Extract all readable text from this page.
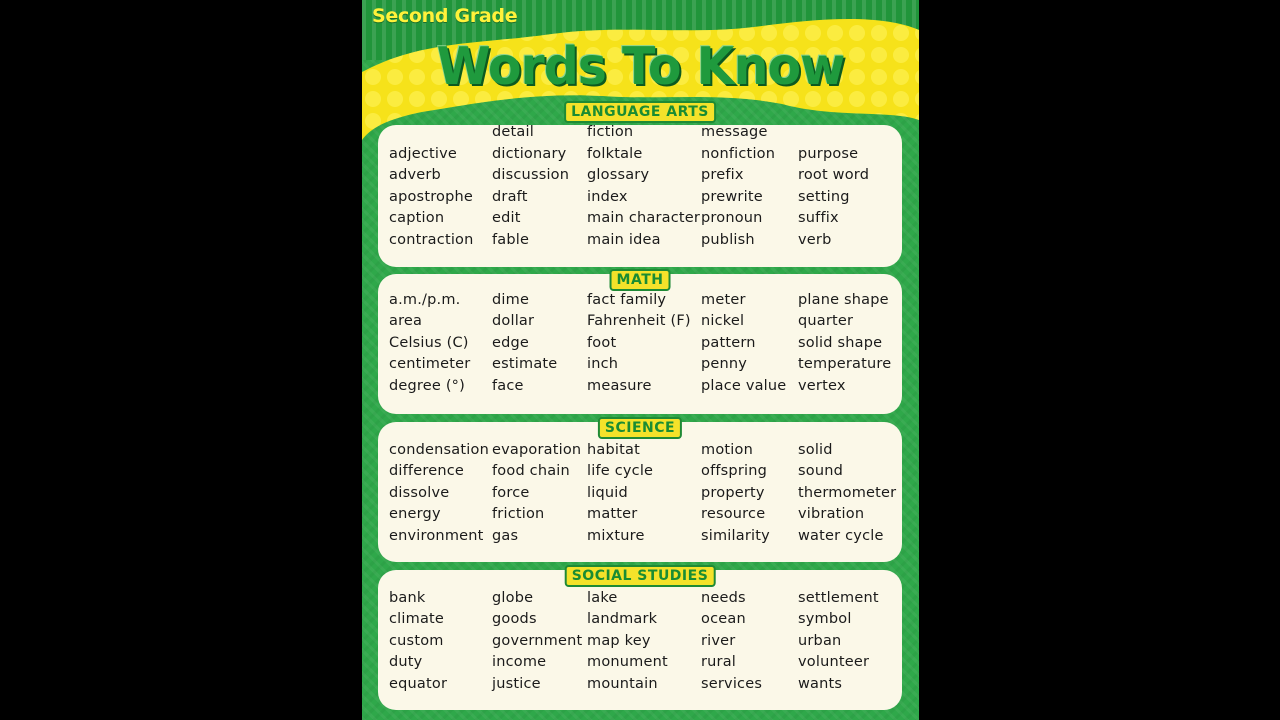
Second Grade
Words To Know
LANGUAGE ARTS
adjective
adverb
apostrophe
caption
contraction
detail
dictionary
discussion
draft
edit
fable
fiction
folktale
glossary
index
main character
main idea
message
nonfiction
prefix
prewrite
pronoun
publish
purpose
root word
setting
suffix
verb
MATH
a.m./p.m.
area
Celsius (C)
centimeter
degree (°)
dime
dollar
edge
estimate
face
fact family
Fahrenheit (F)
foot
inch
measure
meter
nickel
pattern
penny
place value
plane shape
quarter
solid shape
temperature
vertex
SCIENCE
condensation
difference
dissolve
energy
environment
evaporation
food chain
force
friction
gas
habitat
life cycle
liquid
matter
mixture
motion
offspring
property
resource
similarity
solid
sound
thermometer
vibration
water cycle
SOCIAL STUDIES
bank
climate
custom
duty
equator
globe
goods
government
income
justice
lake
landmark
map key
monument
mountain
needs
ocean
river
rural
services
settlement
symbol
urban
volunteer
wants
